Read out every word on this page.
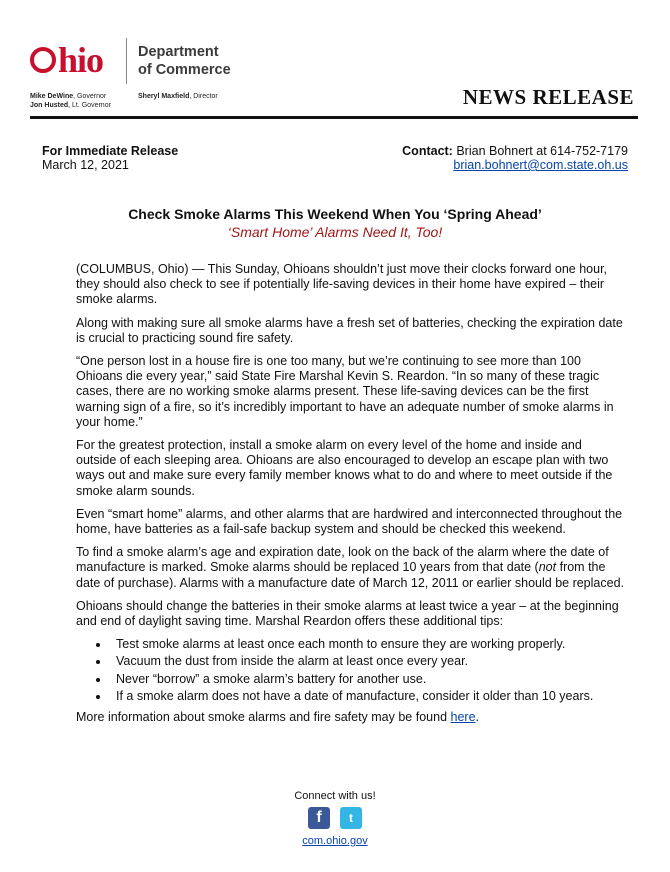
hio Department
of Commerce
Mike DeWine, Governor
Jon Husted, Lt. Governor
Sheryl Maxfield, Director	NEWS RELEASE
For Immediate Release
March 12, 2021
Contact: Brian Bohnert at 614-752-7179
brian.bohnert@com.state.oh.us
Check Smoke Alarms This Weekend When You ‘Spring Ahead’
‘Smart Home’ Alarms Need It, Too!

(COLUMBUS, Ohio) — This Sunday, Ohioans shouldn’t just move their clocks forward one hour, they should also check to see if potentially life-saving devices in their home have expired – their smoke alarms.

Along with making sure all smoke alarms have a fresh set of batteries, checking the expiration date is crucial to practicing sound fire safety.

“One person lost in a house fire is one too many, but we’re continuing to see more than 100 Ohioans die every year,” said State Fire Marshal Kevin S. Reardon. “In so many of these tragic cases, there are no working smoke alarms present. These life-saving devices can be the first warning sign of a fire, so it’s incredibly important to have an adequate number of smoke alarms in your home.”

For the greatest protection, install a smoke alarm on every level of the home and inside and outside of each sleeping area. Ohioans are also encouraged to develop an escape plan with two ways out and make sure every family member knows what to do and where to meet outside if the smoke alarm sounds.

Even “smart home” alarms, and other alarms that are hardwired and interconnected throughout the home, have batteries as a fail-safe backup system and should be checked this weekend.

To find a smoke alarm’s age and expiration date, look on the back of the alarm where the date of manufacture is marked. Smoke alarms should be replaced 10 years from that date (not from the date of purchase). Alarms with a manufacture date of March 12, 2011 or earlier should be replaced.

Ohioans should change the batteries in their smoke alarms at least twice a year – at the beginning and end of daylight saving time. Marshal Reardon offers these additional tips:

• Test smoke alarms at least once each month to ensure they are working properly.
• Vacuum the dust from inside the alarm at least once every year.
• Never “borrow” a smoke alarm’s battery for another use.
• If a smoke alarm does not have a date of manufacture, consider it older than 10 years.

More information about smoke alarms and fire safety may be found here.

Connect with us!
f	t
com.ohio.gov
